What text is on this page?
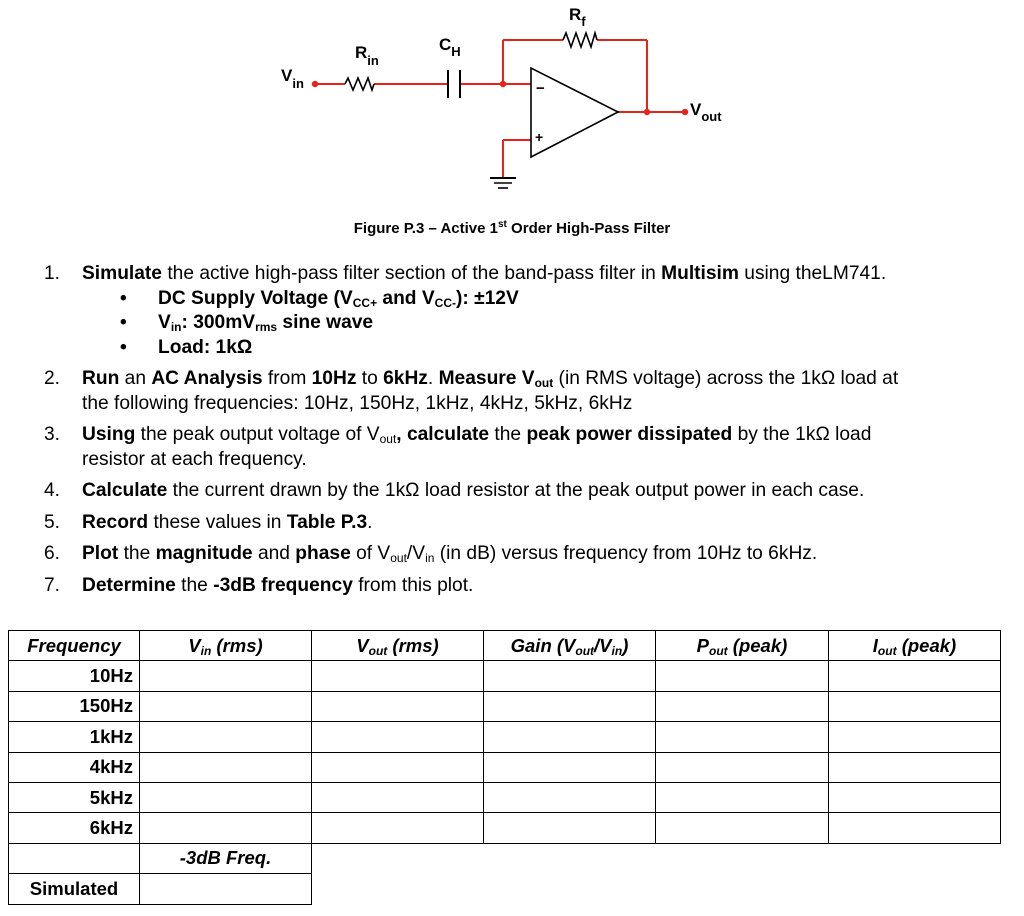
−
+
$V_{in}$
$R_{in}$
$C_H$
$R_f$
$V_{out}$
Figure P.3 – Active 1st Order High-Pass Filter
1. Simulate the active high-pass filter section of the band-pass filter in Multisim using theLM741.
• DC Supply Voltage ($V_{CC+}$ and $V_{CC-}$): ±12V
• $V_{in}$: $300mV_{rms}$ sine wave
• Load: 1kΩ
2. Run an AC Analysis from 10Hz to 6kHz. Measure $V_{out}$ (in RMS voltage) across the 1kΩ load at
the following frequencies: 10Hz, 150Hz, 1kHz, 4kHz, 5kHz, 6kHz
3. Using the peak output voltage of $V_{out}$, calculate the peak power dissipated by the 1kΩ load
resistor at each frequency.
4. Calculate the current drawn by the 1kΩ load resistor at the peak output power in each case.
5. Record these values in Table P.3.
6. Plot the magnitude and phase of $V_{out}/V_{in}$ (in dB) versus frequency from 10Hz to 6kHz.
7. Determine the -3dB frequency from this plot.
Frequency	$V_{in}$ (rms)	$V_{out}$ (rms)	Gain $(V_{out}/V_{in})$	$P_{out}$ (peak)	$I_{out}$ (peak)
10Hz					
150Hz					
1kHz					
4kHz					
5kHz					
6kHz					
	-3dB Freq.				
Simulated					
